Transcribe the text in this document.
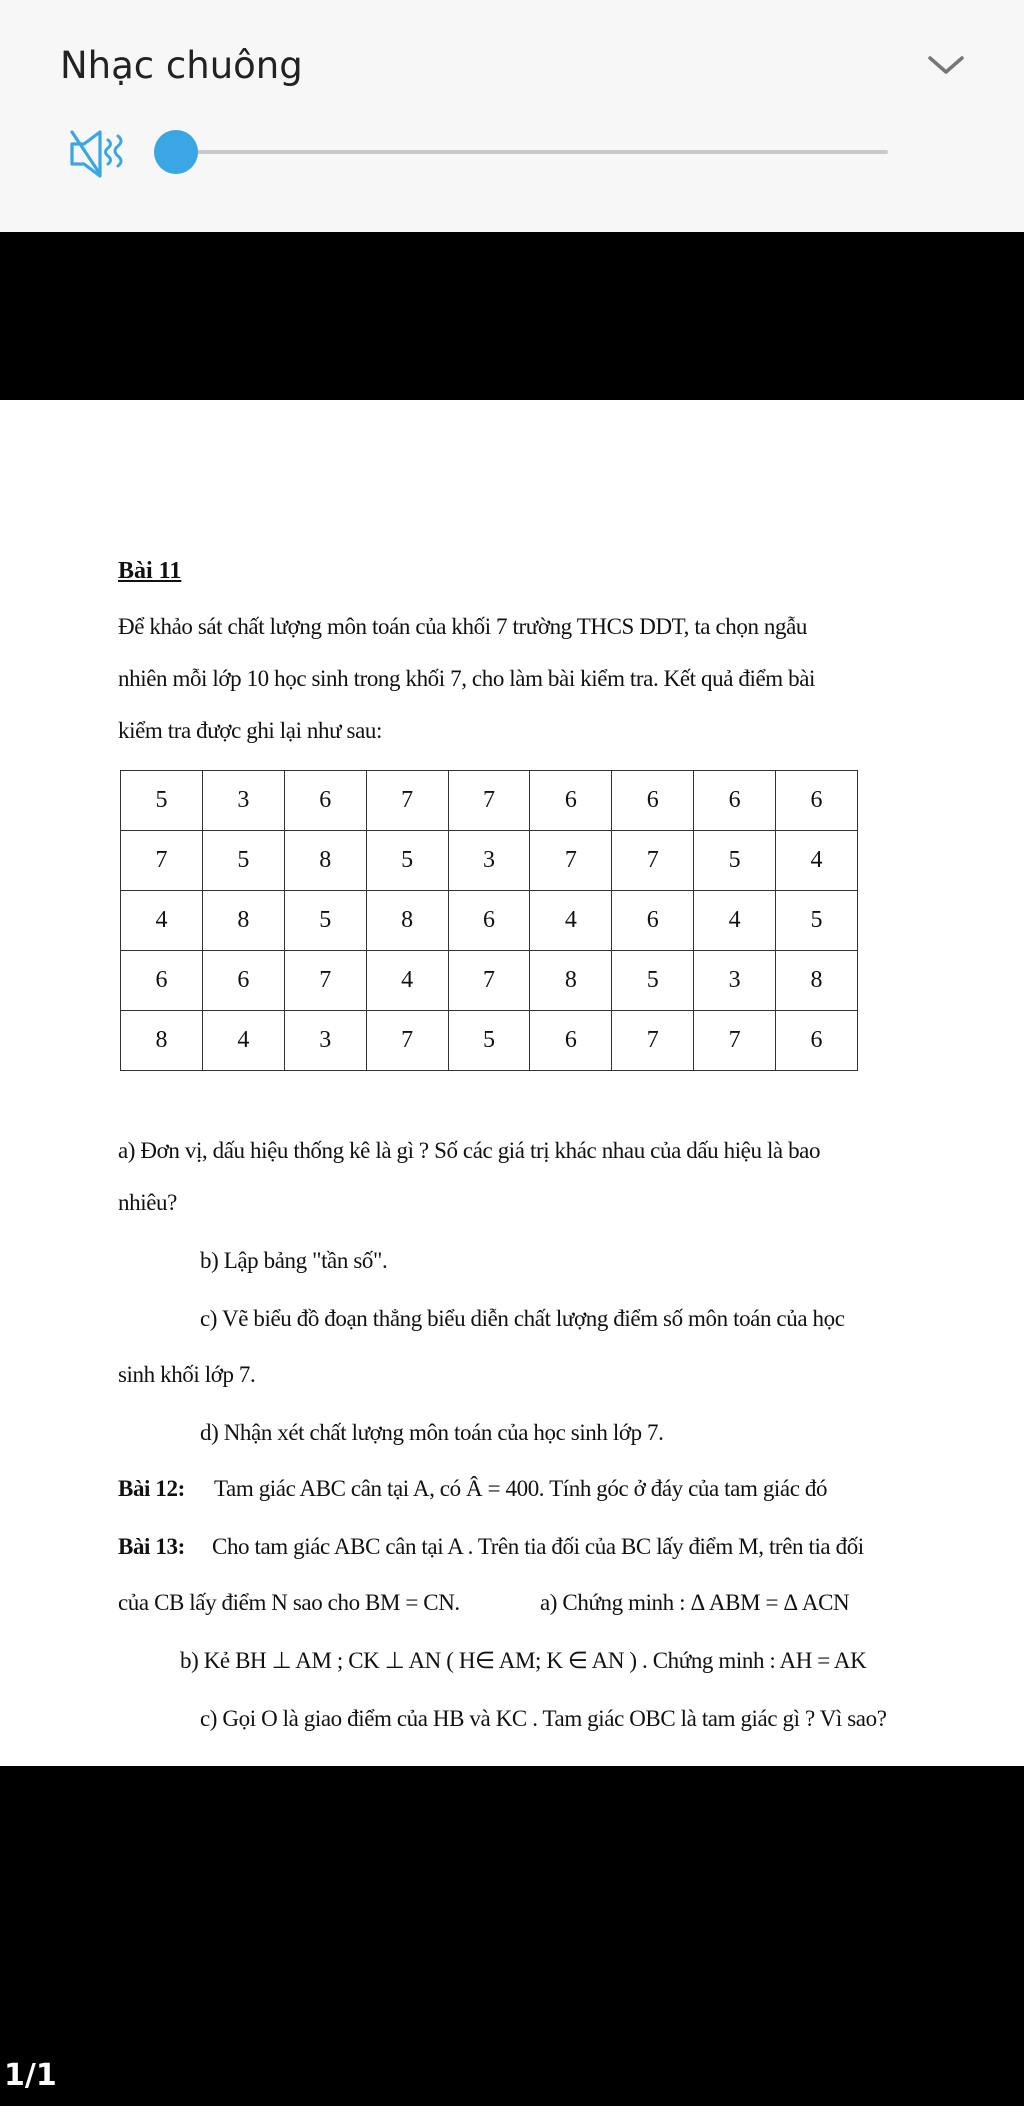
Nhạc chuông
Bài 11
Để khảo sát chất lượng môn toán của khối 7 trường THCS DDT, ta chọn ngẫu
nhiên mỗi lớp 10 học sinh trong khối 7, cho làm bài kiểm tra. Kết quả điểm bài
kiểm tra được ghi lại như sau:
5	3	6	7	7	6	6	6	6
7	5	8	5	3	7	7	5	4
4	8	5	8	6	4	6	4	5
6	6	7	4	7	8	5	3	8
8	4	3	7	5	6	7	7	6
a) Đơn vị, dấu hiệu thống kê là gì ? Số các giá trị khác nhau của dấu hiệu là bao
nhiêu?
b) Lập bảng "tần số".
c) Vẽ biểu đồ đoạn thẳng biểu diễn chất lượng điểm số môn toán của học
sinh khối lớp 7.
d) Nhận xét chất lượng môn toán của học sinh lớp 7.
Bài 12: Tam giác ABC cân tại A, có Â = 400. Tính góc ở đáy của tam giác đó
Bài 13: Cho tam giác ABC cân tại A . Trên tia đối của BC lấy điểm M, trên tia đối
của CB lấy điểm N sao cho BM = CN.	a) Chứng minh : Δ ABM = Δ ACN
b) Kẻ BH ⊥ AM ; CK ⊥ AN ( H∈ AM; K ∈ AN ) . Chứng minh : AH = AK
c) Gọi O là giao điểm của HB và KC . Tam giác OBC là tam giác gì ? Vì sao?
1/1
